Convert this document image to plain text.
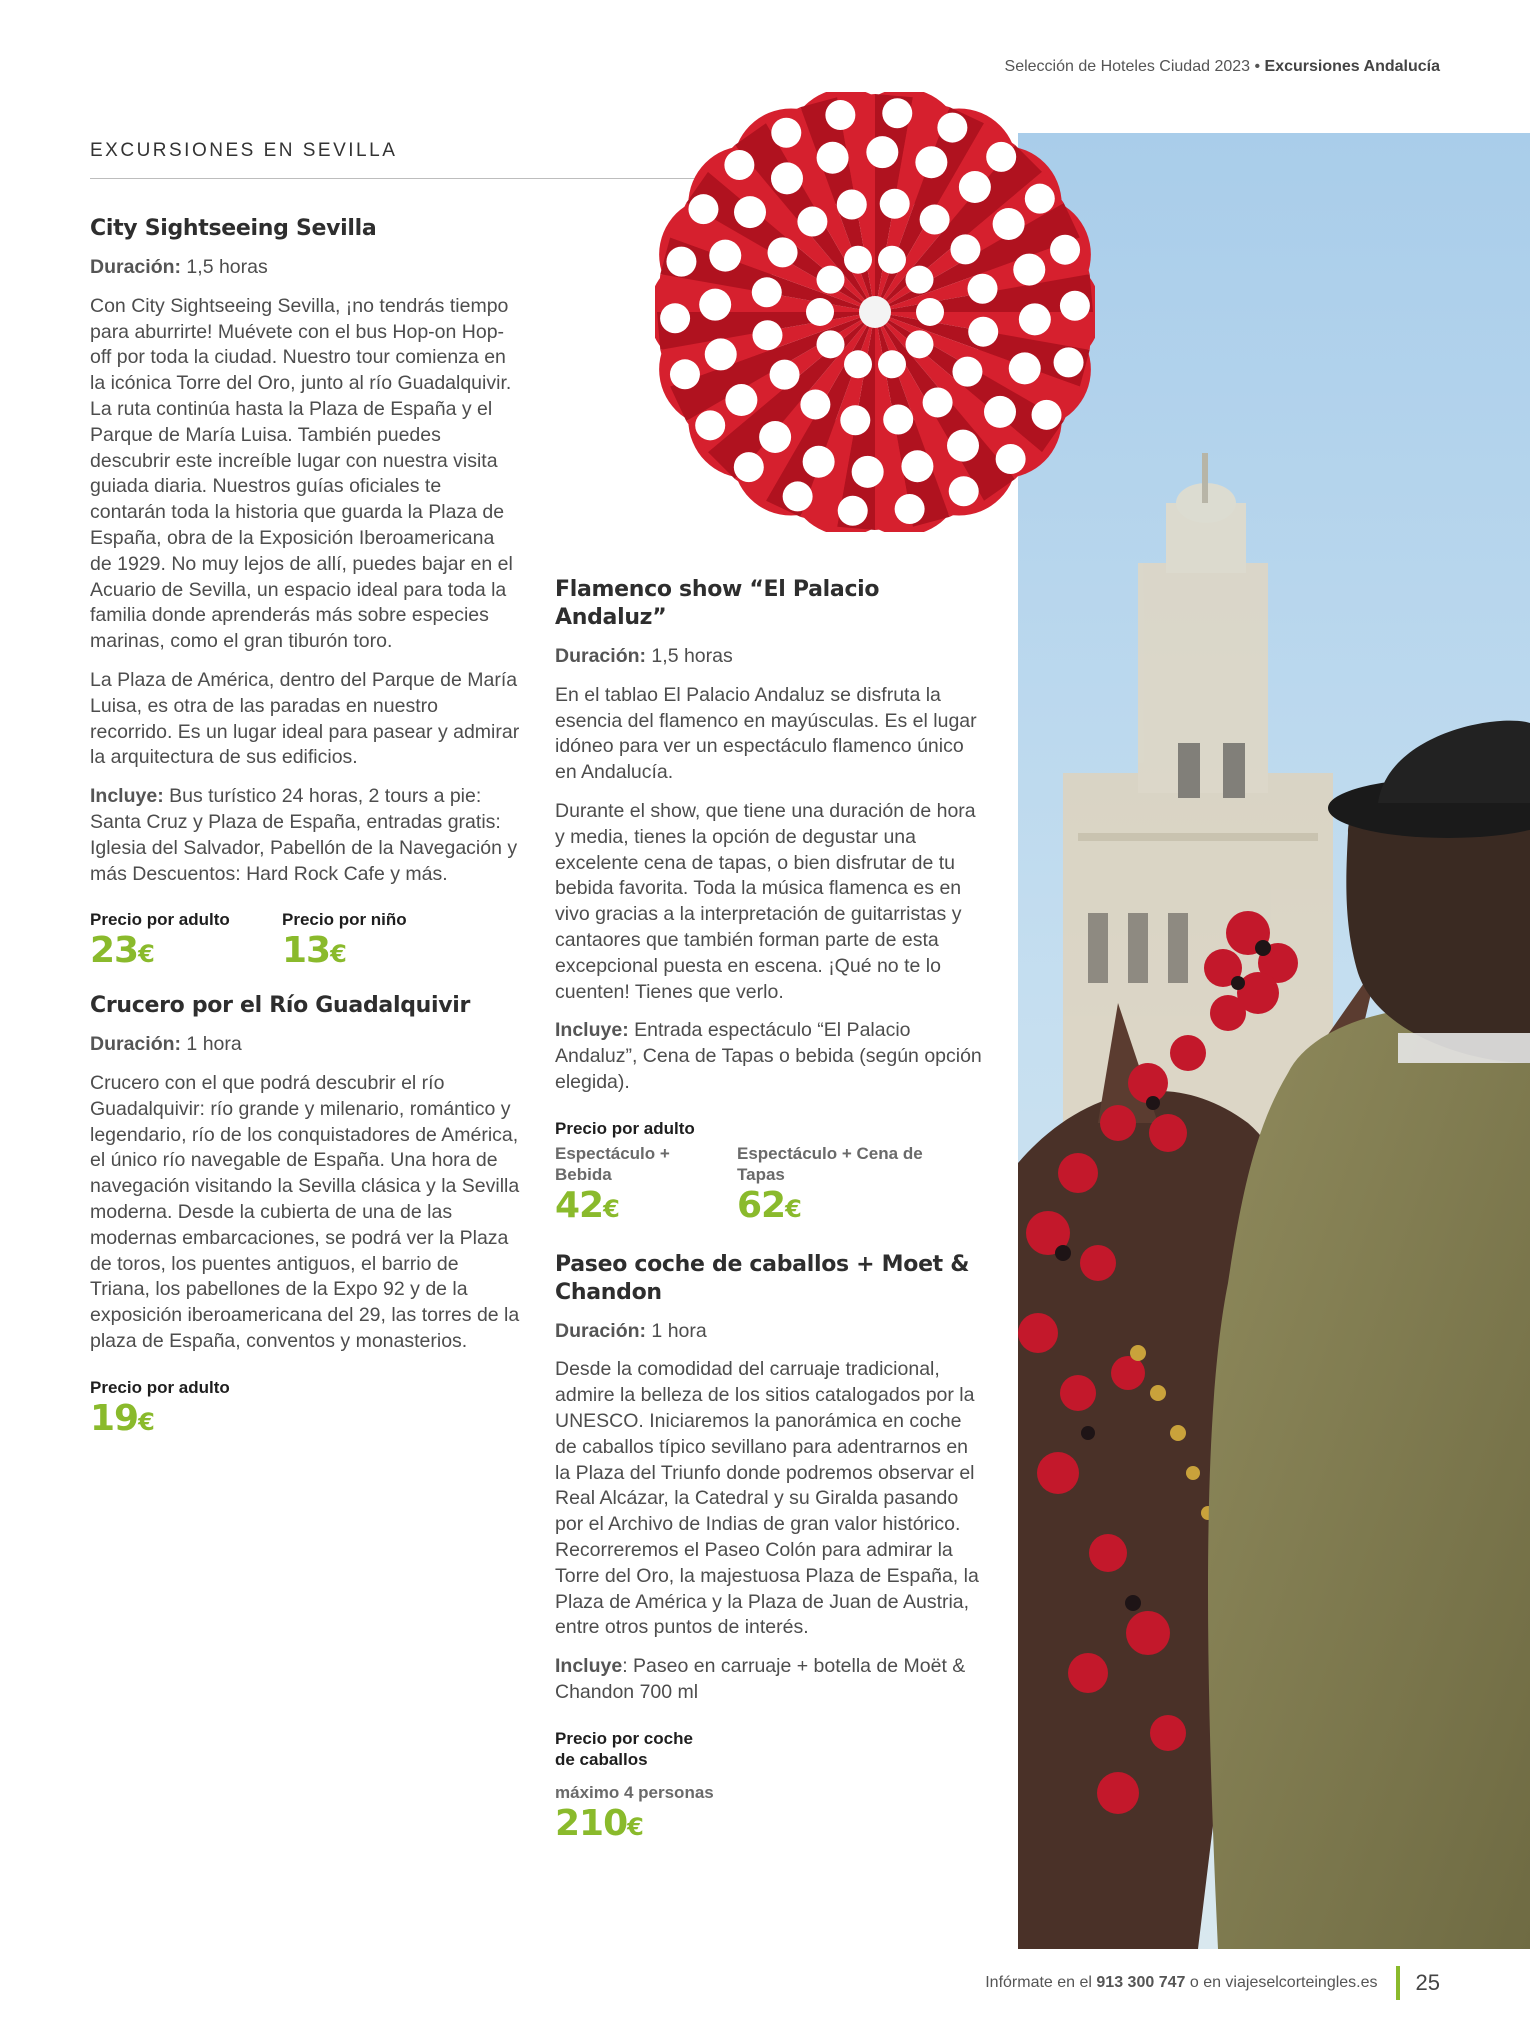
Selección de Hoteles Ciudad 2023 • Excursiones Andalucía
EXCURSIONES EN SEVILLA
City Sightseeing Sevilla

Duración: 1,5 horas

Con City Sightseeing Sevilla, ¡no tendrás tiempo para aburrirte! Muévete con el bus Hop-on Hop-off por toda la ciudad. Nuestro tour comienza en la icónica Torre del Oro, junto al río Guadalquivir. La ruta continúa hasta la Plaza de España y el Parque de María Luisa. También puedes descubrir este increíble lugar con nuestra visita guiada diaria. Nuestros guías oficiales te contarán toda la historia que guarda la Plaza de España, obra de la Exposición Iberoamericana de 1929. No muy lejos de allí, puedes bajar en el Acuario de Sevilla, un espacio ideal para toda la familia donde aprenderás más sobre especies marinas, como el gran tiburón toro.

La Plaza de América, dentro del Parque de María Luisa, es otra de las paradas en nuestro recorrido. Es un lugar ideal para pasear y admirar la arquitectura de sus edificios.

Incluye: Bus turístico 24 horas, 2 tours a pie: Santa Cruz y Plaza de España, entradas gratis: Iglesia del Salvador, Pabellón de la Navegación y más Descuentos: Hard Rock Cafe y más.

Precio por adulto
23€
Precio por niño
13€
Crucero por el Río Guadalquivir

Duración: 1 hora

Crucero con el que podrá descubrir el río Guadalquivir: río grande y milenario, romántico y legendario, río de los conquistadores de América, el único río navegable de España. Una hora de navegación visitando la Sevilla clásica y la Sevilla moderna. Desde la cubierta de una de las modernas embarcaciones, se podrá ver la Plaza de toros, los puentes antiguos, el barrio de Triana, los pabellones de la Expo 92 y de la exposición iberoamericana del 29, las torres de la plaza de España, conventos y monasterios.

Precio por adulto
19€
Flamenco show “El Palacio Andaluz”

Duración: 1,5 horas

En el tablao El Palacio Andaluz se disfruta la esencia del flamenco en mayúsculas. Es el lugar idóneo para ver un espectáculo flamenco único en Andalucía.

Durante el show, que tiene una duración de hora y media, tienes la opción de degustar una excelente cena de tapas, o bien disfrutar de tu bebida favorita. Toda la música flamenca es en vivo gracias a la interpretación de guitarristas y cantaores que también forman parte de esta excepcional puesta en escena. ¡Qué no te lo cuenten! Tienes que verlo.

Incluye: Entrada espectáculo “El Palacio Andaluz”, Cena de Tapas o bebida (según opción elegida).

Precio por adulto
Espectáculo + Bebida
42€
Espectáculo + Cena de Tapas
62€
Paseo coche de caballos + Moet & Chandon

Duración: 1 hora

Desde la comodidad del carruaje tradicional, admire la belleza de los sitios catalogados por la UNESCO. Iniciaremos la panorámica en coche de caballos típico sevillano para adentrarnos en la Plaza del Triunfo donde podremos observar el Real Alcázar, la Catedral y su Giralda pasando por el Archivo de Indias de gran valor histórico. Recorreremos el Paseo Colón para admirar la Torre del Oro, la majestuosa Plaza de España, la Plaza de América y la Plaza de Juan de Austria, entre otros puntos de interés.

Incluye: Paseo en carruaje + botella de Moët & Chandon 700 ml

Precio por coche de caballos
máximo 4 personas
210€
Infórmate en el
913 300 747
o en viajeselcorteingles.es 25
